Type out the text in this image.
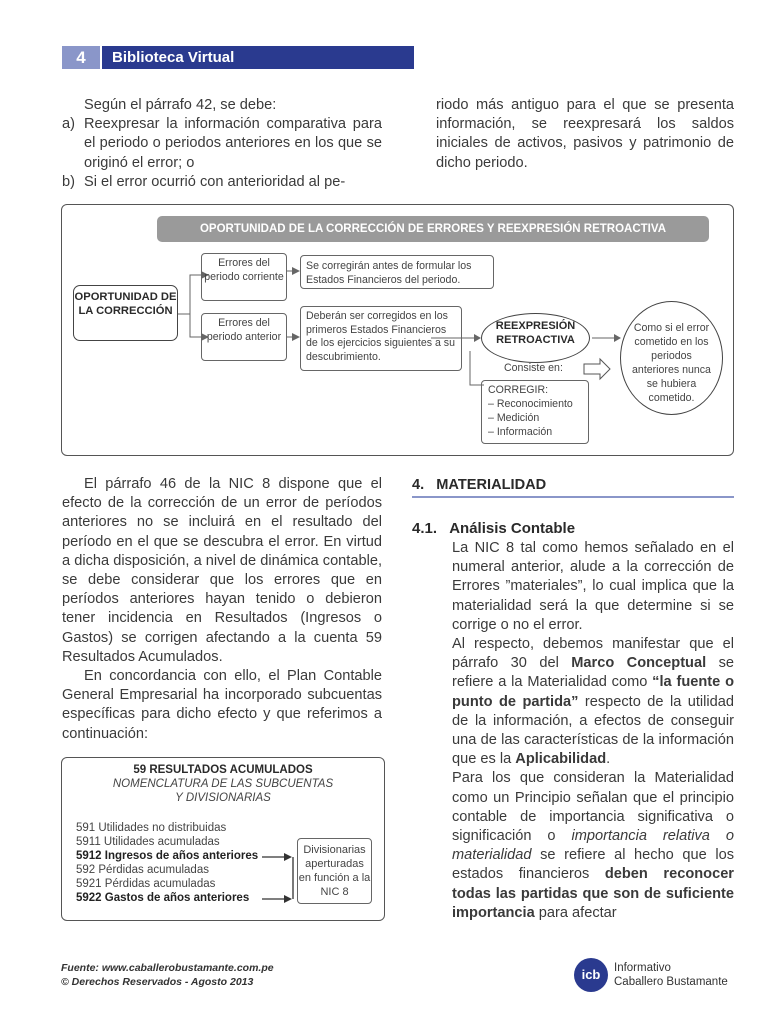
4	Biblioteca Virtual

Según el párrafo 42, se debe:

a) Reexpresar la información comparativa para el periodo o periodos anteriores en los que se originó el error; o
b) Si el error ocurrió con anterioridad al pe-

riodo más antiguo para el que se presenta información, se reexpresará los saldos iniciales de activos, pasivos y patrimonio de dicho periodo.

OPORTUNIDAD DE LA CORRECCIÓN DE ERRORES Y REEXPRESIÓN RETROACTIVA
OPORTUNIDAD DE LA CORRECCIÓN
Errores del periodo corriente
Se corregirán antes de formular los Estados Financieros del periodo.
Errores del periodo anterior
Deberán ser corregidos en los primeros Estados Financieros de los ejercicios siguientes a su descubrimiento.
REEXPRESIÓN RETROACTIVA
Consiste en:
CORREGIR:
– Reconocimiento
– Medición
– Información
Como si el error cometido en los periodos anteriores nunca se hubiera cometido.

El párrafo 46 de la NIC 8 dispone que el efecto de la corrección de un error de períodos anteriores no se incluirá en el resultado del período en el que se descubra el error. En virtud a dicha disposición, a nivel de dinámica contable, se debe considerar que los errores que en períodos anteriores hayan tenido o debieron tener incidencia en Resultados (Ingresos o Gastos) se corrigen afectando a la cuenta 59 Resultados Acumulados.

En concordancia con ello, el Plan Contable General Empresarial ha incorporado subcuentas específicas para dicho efecto y que referimos a continuación:

59 RESULTADOS ACUMULADOS
NOMENCLATURA DE LAS SUBCUENTAS
Y DIVISIONARIAS
591 Utilidades no distribuidas
5911 Utilidades acumuladas
5912 Ingresos de años anteriores
592 Pérdidas acumuladas
5921 Pérdidas acumuladas
5922 Gastos de años anteriores
Divisionarias aperturadas en función a la NIC 8
4. MATERIALIDAD
4.1. Análisis Contable

La NIC 8 tal como hemos señalado en el numeral anterior, alude a la corrección de Errores ”materiales”, lo cual implica que la materialidad será la que determine si se corrige o no el error.

Al respecto, debemos manifestar que el párrafo 30 del Marco Conceptual se refiere a la Materialidad como “la fuente o punto de partida” respecto de la utilidad de la información, a efectos de conseguir una de las características de la información que es la Aplicabilidad.

Para los que consideran la Materialidad como un Principio señalan que el principio contable de importancia significativa o significación o importancia relativa o materialidad se refiere al hecho que los estados financieros deben reconocer todas las partidas que son de suficiente importancia para afectar

Fuente: www.caballerobustamante.com.pe
© Derechos Reservados - Agosto 2013	icb	Informativo
Caballero Bustamante
